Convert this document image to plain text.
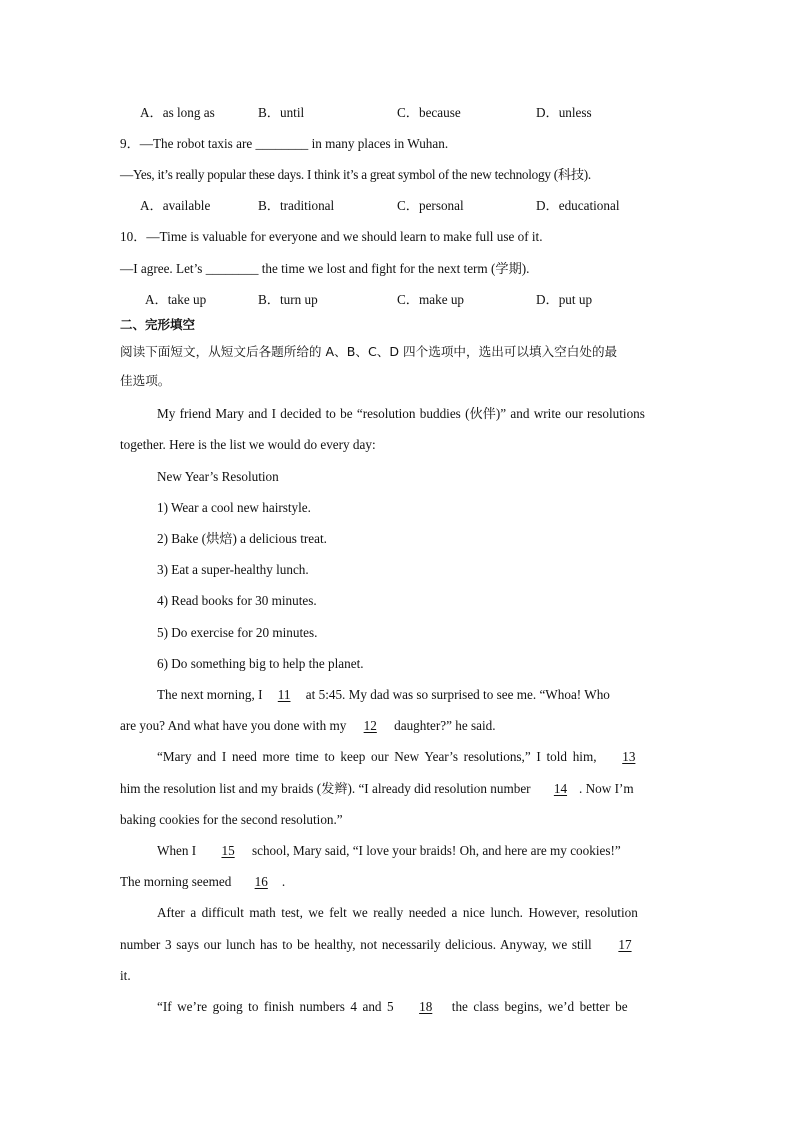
A．as long as	B．until	C．because	D．unless
9．—The robot taxis are ________ in many places in Wuhan.
—Yes, it’s really popular these days. I think it’s a great symbol of the new technology (科技).
A．available	B．traditional	C．personal	D．educational
10．—Time is valuable for everyone and we should learn to make full use of it.
—I agree. Let’s ________ the time we lost and fight for the next term (学期).
A．take up	B．turn up	C．make up	D．put up
二、完形填空
阅读下面短文，从短文后各题所给的 A、B、C、D 四个选项中，选出可以填入空白处的最
佳选项。
My friend Mary and I decided to be “resolution buddies (伙伴)” and write our resolutions
together. Here is the list we would do every day:
New Year’s Resolution
1) Wear a cool new hairstyle.
2) Bake (烘焙) a delicious treat.
3) Eat a super-healthy lunch.
4) Read books for 30 minutes.
5) Do exercise for 20 minutes.
6) Do something big to help the planet.
The next morning, I 11 at 5:45. My dad was so surprised to see me. “Whoa! Who
are you? And what have you done with my 12 daughter?” he said.
“Mary and I need more time to keep our New Year’s resolutions,” I told him, 13
him the resolution list and my braids (发辫). “I already did resolution number 14 . Now I’m
baking cookies for the second resolution.”
When I 15 school, Mary said, “I love your braids! Oh, and here are my cookies!”
The morning seemed 16 .
After a difficult math test, we felt we really needed a nice lunch. However, resolution
number 3 says our lunch has to be healthy, not necessarily delicious. Anyway, we still 17
it.
“If we’re going to finish numbers 4 and 5 18 the class begins, we’d better be
